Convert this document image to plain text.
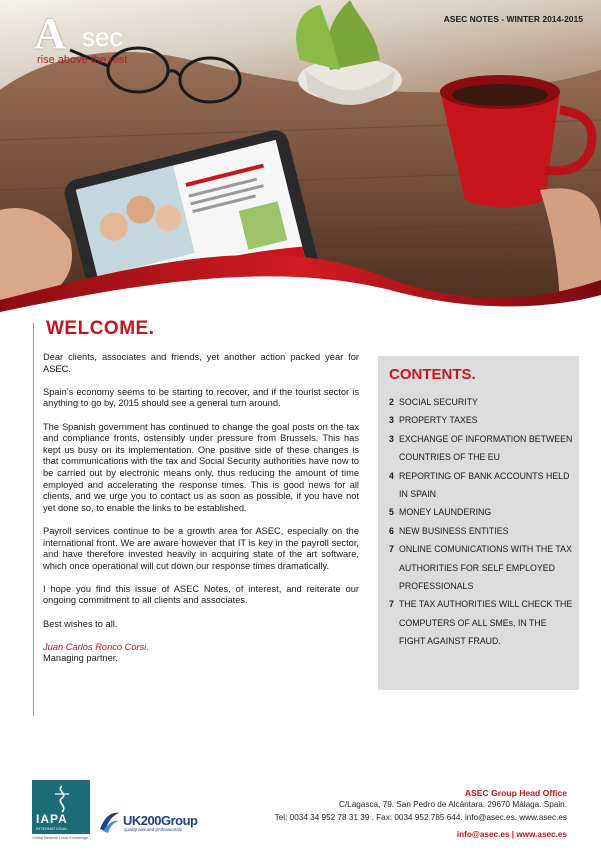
A sec
rise above the rest
ASEC NOTES - WINTER 2014-2015
WELCOME.

Dear clients, associates and friends, yet another action packed year for ASEC.

Spain’s economy seems to be starting to recover, and if the tourist sector is anything to go by, 2015 should see a general turn around.

The Spanish government has continued to change the goal posts on the tax and compliance fronts, ostensibly under pressure from Brussels. This has kept us busy on its implementation. One positive side of these changes is that communications with the tax and Social Security authorities have now to be carried out by electronic means only, thus reducing the amount of time employed and accelerating the response times. This is good news for all clients, and we urge you to contact us as soon as possible, if you have not yet done so, to enable the links to be established.

Payroll services continue to be a growth area for ASEC, especially on the international front. We are aware however that IT is key in the payroll sector, and have therefore invested heavily in acquiring state of the art software, which once operational will cut down our response times dramatically.

I hope you find this issue of ASEC Notes, of interest, and reiterate our ongoing commitment to all clients and associates.

Best wishes to all.

Juan Carlos Ronco Corsi.
Managing partner.
CONTENTS.
2 SOCIAL SECURITY
3 PROPERTY TAXES
3 EXCHANGE OF INFORMATION BETWEEN COUNTRIES OF THE EU
4 REPORTING OF BANK ACCOUNTS HELD IN SPAIN
5 MONEY LAUNDERING
6 NEW BUSINESS ENTITIES
7 ONLINE COMUNICATIONS WITH THE TAX AUTHORITIES FOR SELF EMPLOYED PROFESSIONALS
7 THE TAX AUTHORITIES WILL CHECK THE COMPUTERS OF ALL SMEs, IN THE FIGHT AGAINST FRAUD.
IAPA
INTERNATIONAL
Global Network Local Knowledge
UK200Group
quality assured professionals
ASEC Group Head Office
C/Lagasca, 79. San Pedro de Alcántara. 29670 Málaga. Spain.
Tel: 0034 34 952 78 31 39 . Fax: 0034 952 785 644. info@asec.es. www.asec.es
info@asec.es | www.asec.es
